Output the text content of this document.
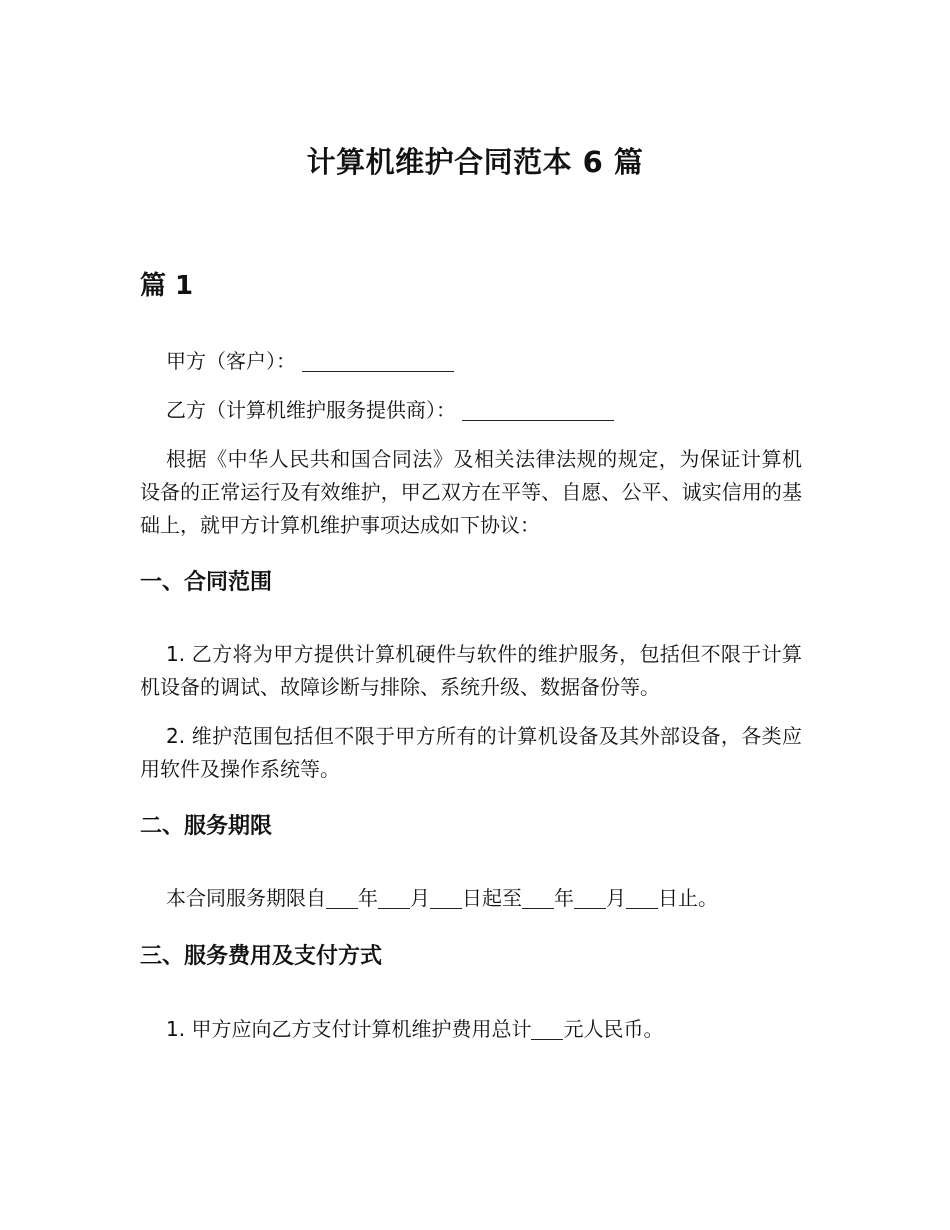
计算机维护合同范本 6 篇
篇 1
甲方（客户）：
乙方（计算机维护服务提供商）：
根据《中华人民共和国合同法》及相关法律法规的规定，为保证计算机设备的正常运行及有效维护，甲乙双方在平等、自愿、公平、诚实信用的基础上，就甲方计算机维护事项达成如下协议：
一、合同范围
1. 乙方将为甲方提供计算机硬件与软件的维护服务，包括但不限于计算机设备的调试、故障诊断与排除、系统升级、数据备份等。
2. 维护范围包括但不限于甲方所有的计算机设备及其外部设备，各类应用软件及操作系统等。
二、服务期限
本合同服务期限自 年 月 日起至 年 月 日止。
三、服务费用及支付方式
1. 甲方应向乙方支付计算机维护费用总计 元人民币。
